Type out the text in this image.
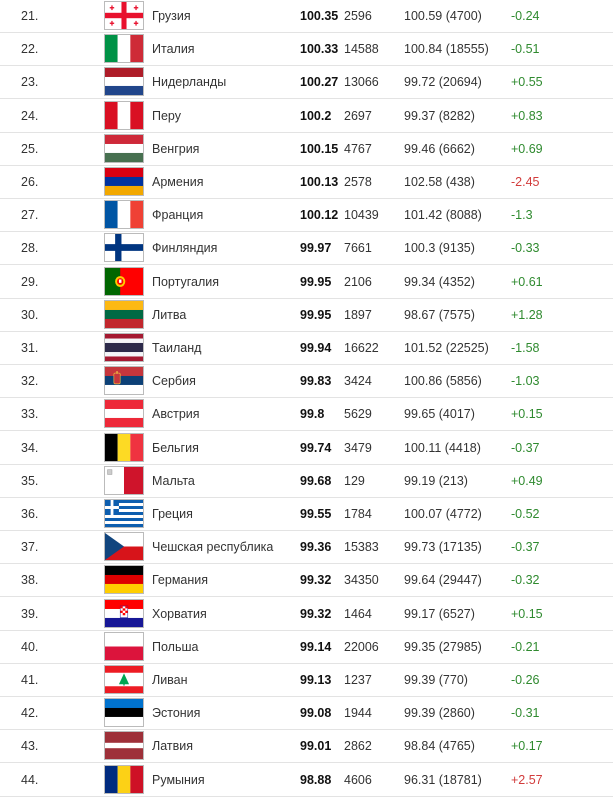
21.	Грузия	100.35 2596	100.59 (4700) -0.24
22.	Италия	100.33 14588 100.84 (18555) -0.51
23.	Нидерланды	100.27 13066 99.72 (20694) +0.55
24.	Перу	100.2 2697	99.37 (8282)	+0.83
25.	Венгрия	100.15 4767	99.46 (6662)	+0.69
26.	Армения	100.13 2578	102.58 (438)	-2.45
27.	Франция	100.12 10439 101.42 (8088) -1.3
28.	Финляндия	99.97 7661	100.3 (9135)	-0.33
29.	Португалия	99.95 2106	99.34 (4352)	+0.61
30.	Литва	99.95 1897	98.67 (7575)	+1.28
31.	Таиланд	99.94 16622 101.52 (22525) -1.58
32.	Сербия	99.83 3424	100.86 (5856) -1.03
33.	Австрия	99.8 5629	99.65 (4017)	+0.15
34.	Бельгия	99.74 3479	100.11 (4418) -0.37
35.	Мальта	99.68 129	99.19 (213)	+0.49
36.	Греция	99.55 1784	100.07 (4772) -0.52
37.	Чешская республика 99.36 15383 99.73 (17135) -0.37
38.	Германия	99.32 34350 99.64 (29447) -0.32
39.	Хорватия	99.32 1464	99.17 (6527)	+0.15
40.	Польша	99.14 22006 99.35 (27985) -0.21
41.	Ливан	99.13 1237	99.39 (770)	-0.26
42.	Эстония	99.08 1944	99.39 (2860)	-0.31
43.	Латвия	99.01 2862	98.84 (4765)	+0.17
44.	Румыния	98.88 4606	96.31 (18781) +2.57
